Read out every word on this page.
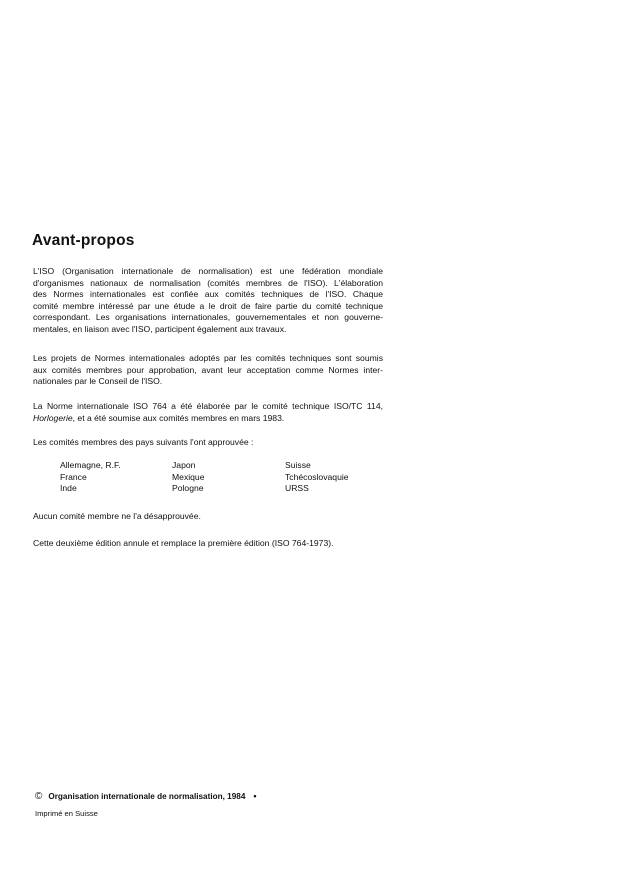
Avant-propos
L'ISO (Organisation internationale de normalisation) est une fédération mondiale
d'organismes nationaux de normalisation (comités membres de l'ISO). L'élaboration
des Normes internationales est confiée aux comités techniques de l'ISO. Chaque
comité membre intéressé par une étude a le droit de faire partie du comité technique
correspondant. Les organisations internationales, gouvernementales et non gouverne-
mentales, en liaison avec l'ISO, participent également aux travaux.
Les projets de Normes internationales adoptés par les comités techniques sont soumis
aux comités membres pour approbation, avant leur acceptation comme Normes inter-
nationales par le Conseil de l'ISO.
La Norme internationale ISO 764 a été élaborée par le comité technique ISO/TC 114,
Horlogerie, et a été soumise aux comités membres en mars 1983.
Les comités membres des pays suivants l'ont approuvée :
Allemagne, R.F.
France
Inde
Japon
Mexique
Pologne
Suisse
Tchécoslovaquie
URSS
Aucun comité membre ne l'a désapprouvée.
Cette deuxième édition annule et remplace la première édition (ISO 764-1973).
© Organisation internationale de normalisation, 1984 •
Imprimé en Suisse
